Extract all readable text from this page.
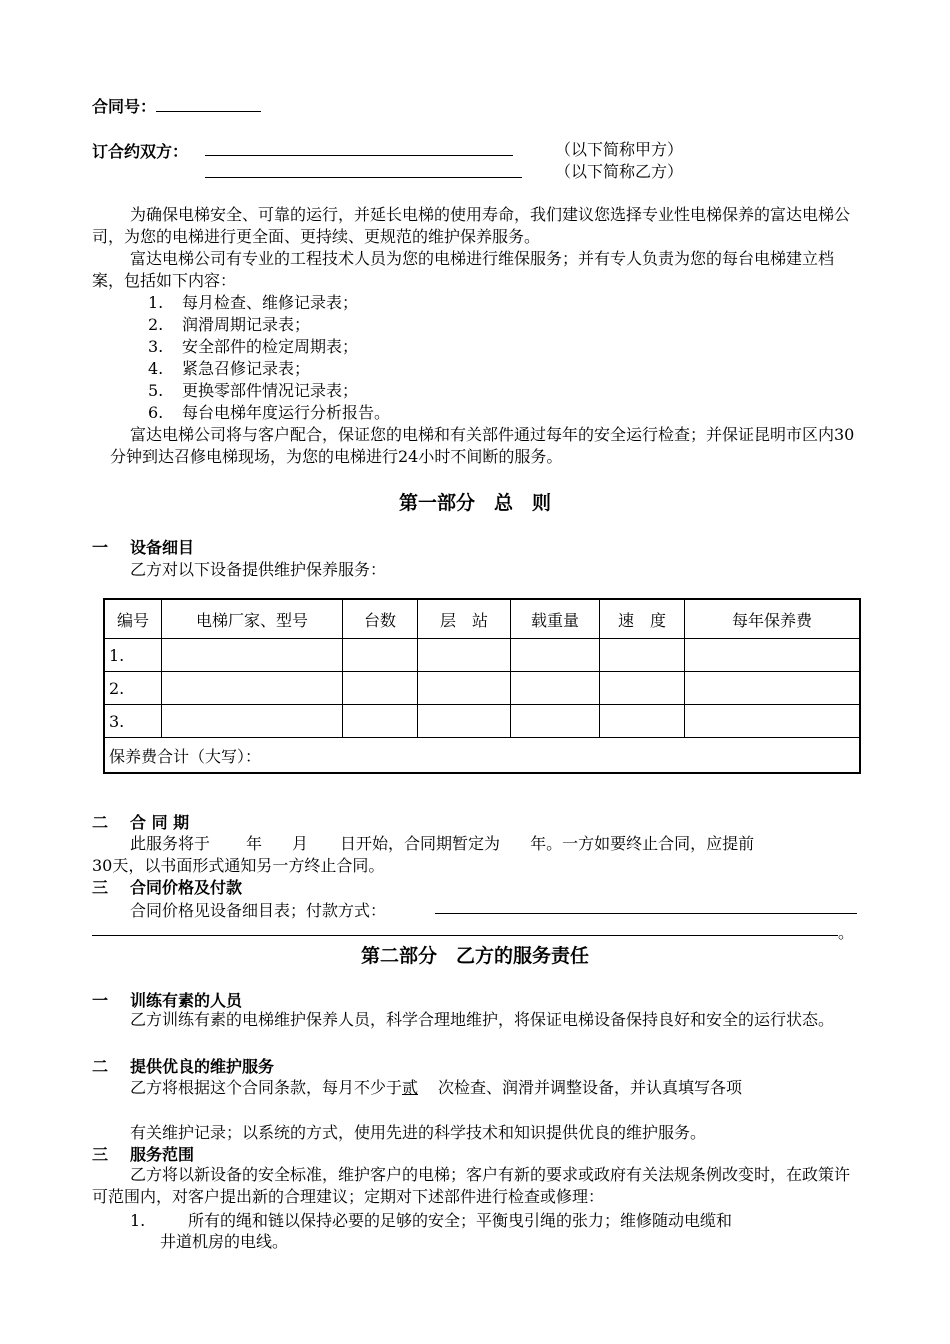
合同号：
订合约双方：	（以下简称甲方）
（以下简称乙方）
为确保电梯安全、可靠的运行，并延长电梯的使用寿命，我们建议您选择专业性电梯保养的富达电梯公司，为您的电梯进行更全面、更持续、更规范的维护保养服务。
富达电梯公司有专业的工程技术人员为您的电梯进行维保服务；并有专人负责为您的每台电梯建立档案，包括如下内容：
1. 每月检查、维修记录表；
2. 润滑周期记录表；
3. 安全部件的检定周期表；
4. 紧急召修记录表；
5. 更换零部件情况记录表；
6. 每台电梯年度运行分析报告。
富达电梯公司将与客户配合，保证您的电梯和有关部件通过每年的安全运行检查；并保证昆明市区内30分钟到达召修电梯现场，为您的电梯进行24小时不间断的服务。
第一部分　总　则
一 设备细目
乙方对以下设备提供维护保养服务：
编号	电梯厂家、型号	台数	层　站	载重量	速　度	每年保养费
1.						
2.						
3.						
保养费合计（大写）：						
二 合 同 期
此服务将于 年 月 日开始，合同期暂定为 年。一方如要终止合同，应提前
30天，以书面形式通知另一方终止合同。
三 合同价格及付款
合同价格见设备细目表；付款方式：
。
第二部分　乙方的服务责任
一 训练有素的人员
乙方训练有素的电梯维护保养人员，科学合理地维护，将保证电梯设备保持良好和安全的运行状态。
二 提供优良的维护服务
乙方将根据这个合同条款，每月不少于贰 次检查、润滑并调整设备，并认真填写各项
有关维护记录；以系统的方式，使用先进的科学技术和知识提供优良的维护服务。
三 服务范围
乙方将以新设备的安全标准，维护客户的电梯；客户有新的要求或政府有关法规条例改变时，在政策许可范围内，对客户提出新的合理建议；定期对下述部件进行检查或修理：
1.	所有的绳和链以保持必要的足够的安全；平衡曳引绳的张力；维修随动电缆和
井道机房的电线。
